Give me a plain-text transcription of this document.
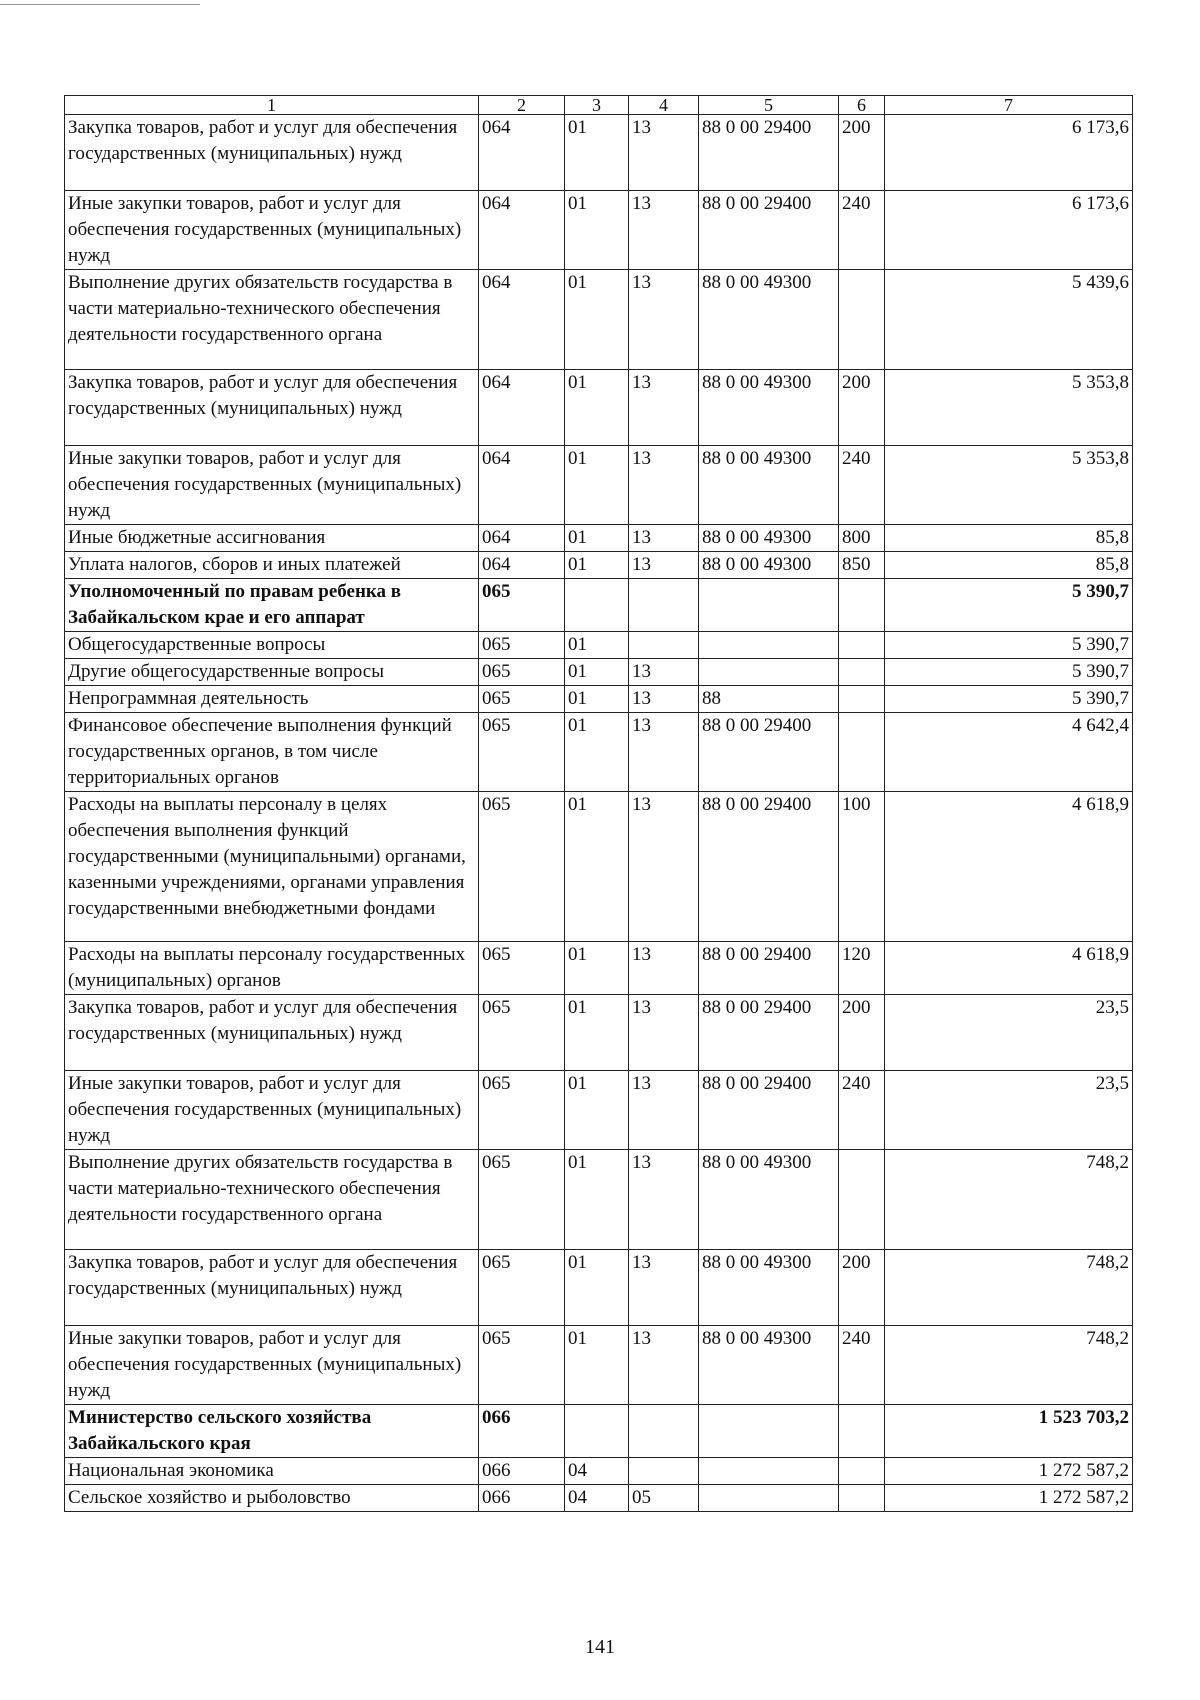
1	2	3	4	5	6	7
Закупка товаров, работ и услуг для обеспечения государственных (муниципальных) нужд	064	01	13	88 0 00 29400	200	6 173,6
Иные закупки товаров, работ и услуг для обеспечения государственных (муниципальных) нужд	064	01	13	88 0 00 29400	240	6 173,6
Выполнение других обязательств государства в части материально-технического обеспечения деятельности государственного органа	064	01	13	88 0 00 49300		5 439,6
Закупка товаров, работ и услуг для обеспечения государственных (муниципальных) нужд	064	01	13	88 0 00 49300	200	5 353,8
Иные закупки товаров, работ и услуг для обеспечения государственных (муниципальных) нужд	064	01	13	88 0 00 49300	240	5 353,8
Иные бюджетные ассигнования	064	01	13	88 0 00 49300	800	85,8
Уплата налогов, сборов и иных платежей	064	01	13	88 0 00 49300	850	85,8
Уполномоченный по правам ребенка в Забайкальском крае и его аппарат	065					5 390,7
Общегосударственные вопросы	065	01				5 390,7
Другие общегосударственные вопросы	065	01	13			5 390,7
Непрограммная деятельность	065	01	13	88		5 390,7
Финансовое обеспечение выполнения функций государственных органов, в том числе территориальных органов	065	01	13	88 0 00 29400		4 642,4
Расходы на выплаты персоналу в целях обеспечения выполнения функций государственными (муниципальными) органами, казенными учреждениями, органами управления государственными внебюджетными фондами	065	01	13	88 0 00 29400	100	4 618,9
Расходы на выплаты персоналу государственных (муниципальных) органов	065	01	13	88 0 00 29400	120	4 618,9
Закупка товаров, работ и услуг для обеспечения государственных (муниципальных) нужд	065	01	13	88 0 00 29400	200	23,5
Иные закупки товаров, работ и услуг для обеспечения государственных (муниципальных) нужд	065	01	13	88 0 00 29400	240	23,5
Выполнение других обязательств государства в части материально-технического обеспечения деятельности государственного органа	065	01	13	88 0 00 49300		748,2
Закупка товаров, работ и услуг для обеспечения государственных (муниципальных) нужд	065	01	13	88 0 00 49300	200	748,2
Иные закупки товаров, работ и услуг для обеспечения государственных (муниципальных) нужд	065	01	13	88 0 00 49300	240	748,2
Министерство сельского хозяйства Забайкальского края	066					1 523 703,2
Национальная экономика	066	04				1 272 587,2
Сельское хозяйство и рыболовство	066	04	05			1 272 587,2
141
